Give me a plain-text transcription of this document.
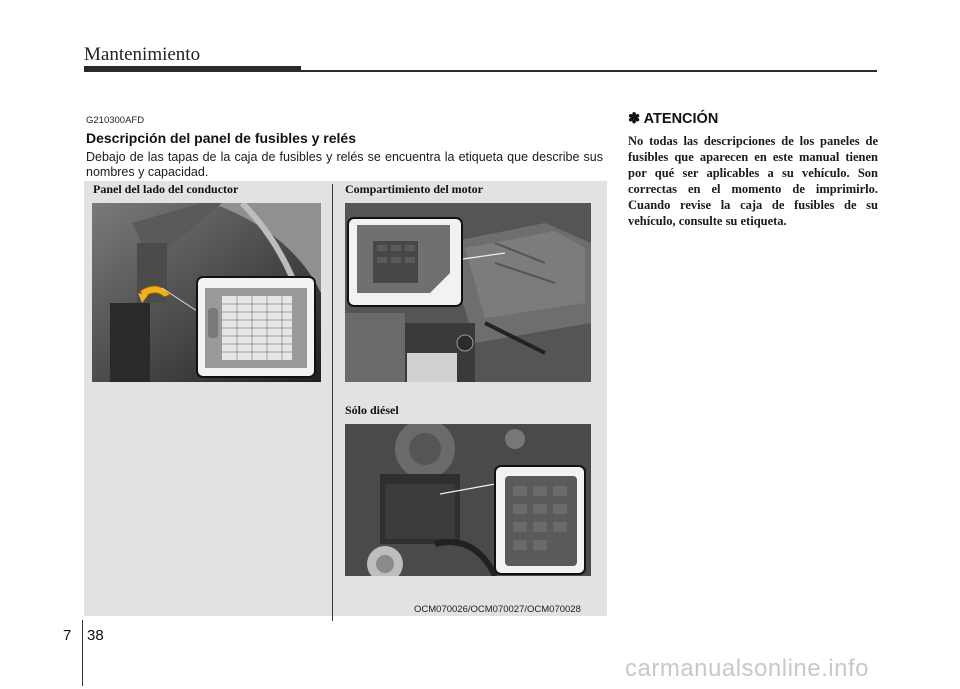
Mantenimiento
G210300AFD
Descripción del panel de fusibles y relés
Debajo de las tapas de la caja de fusibles y relés se encuentra la etiqueta que describe sus nombres y capacidad.
Panel del lado del conductor	Compartimiento del motor
Sólo diésel
OCM070026/OCM070027/OCM070028
✽ ATENCIÓN
No todas las descripciones de los paneles de fusibles que aparecen en este manual tienen por qué ser aplicables a su vehículo. Son correctas en el momento de imprimirlo. Cuando revise la caja de fusibles de su vehículo, consulte su etiqueta.
7 38
carmanualsonline.info
